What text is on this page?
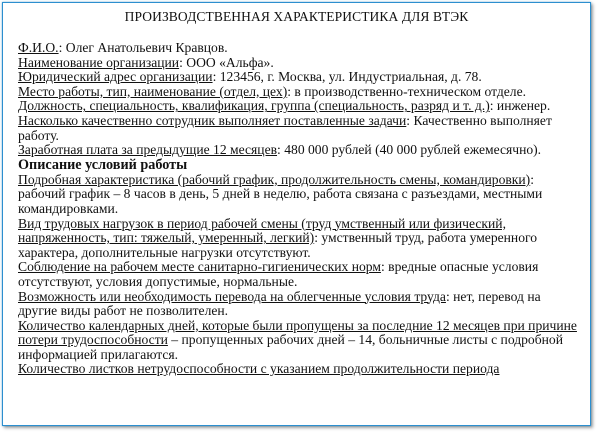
ПРОИЗВОДСТВЕННАЯ ХАРАКТЕРИСТИКА ДЛЯ ВТЭК

Ф.И.О.: Олег Анатольевич Кравцов.

Наименование организации: ООО «Альфа».

Юридический адрес организации: 123456, г. Москва, ул. Индустриальная, д. 78.

Место работы, тип, наименование (отдел, цех): в производственно-техническом отделе.

Должность, специальность, квалификация, группа (специальность, разряд и т. д.): инженер.

Насколько качественно сотрудник выполняет поставленные задачи: Качественно выполняет работу.

Заработная плата за предыдущие 12 месяцев: 480 000 рублей (40 000 рублей ежемесячно).

Описание условий работы

Подробная характеристика (рабочий график, продолжительность смены, командировки): рабочий график – 8 часов в день, 5 дней в неделю, работа связана с разъездами, местными командировками.

Вид трудовых нагрузок в период рабочей смены (труд умственный или физический, напряженность, тип: тяжелый, умеренный, легкий): умственный труд, работа умеренного характера, дополнительные нагрузки отсутствуют.

Соблюдение на рабочем месте санитарно-гигиенических норм: вредные опасные условия отсутствуют, условия допустимые, нормальные.

Возможность или необходимость перевода на облегченные условия труда: нет, перевод на другие виды работ не позволителен.

Количество календарных дней, которые были пропущены за последние 12 месяцев при причине потери трудоспособности – пропущенных рабочих дней – 14, больничные листы с подробной информацией прилагаются.

Количество листков нетрудоспособности с указанием продолжительности периода
